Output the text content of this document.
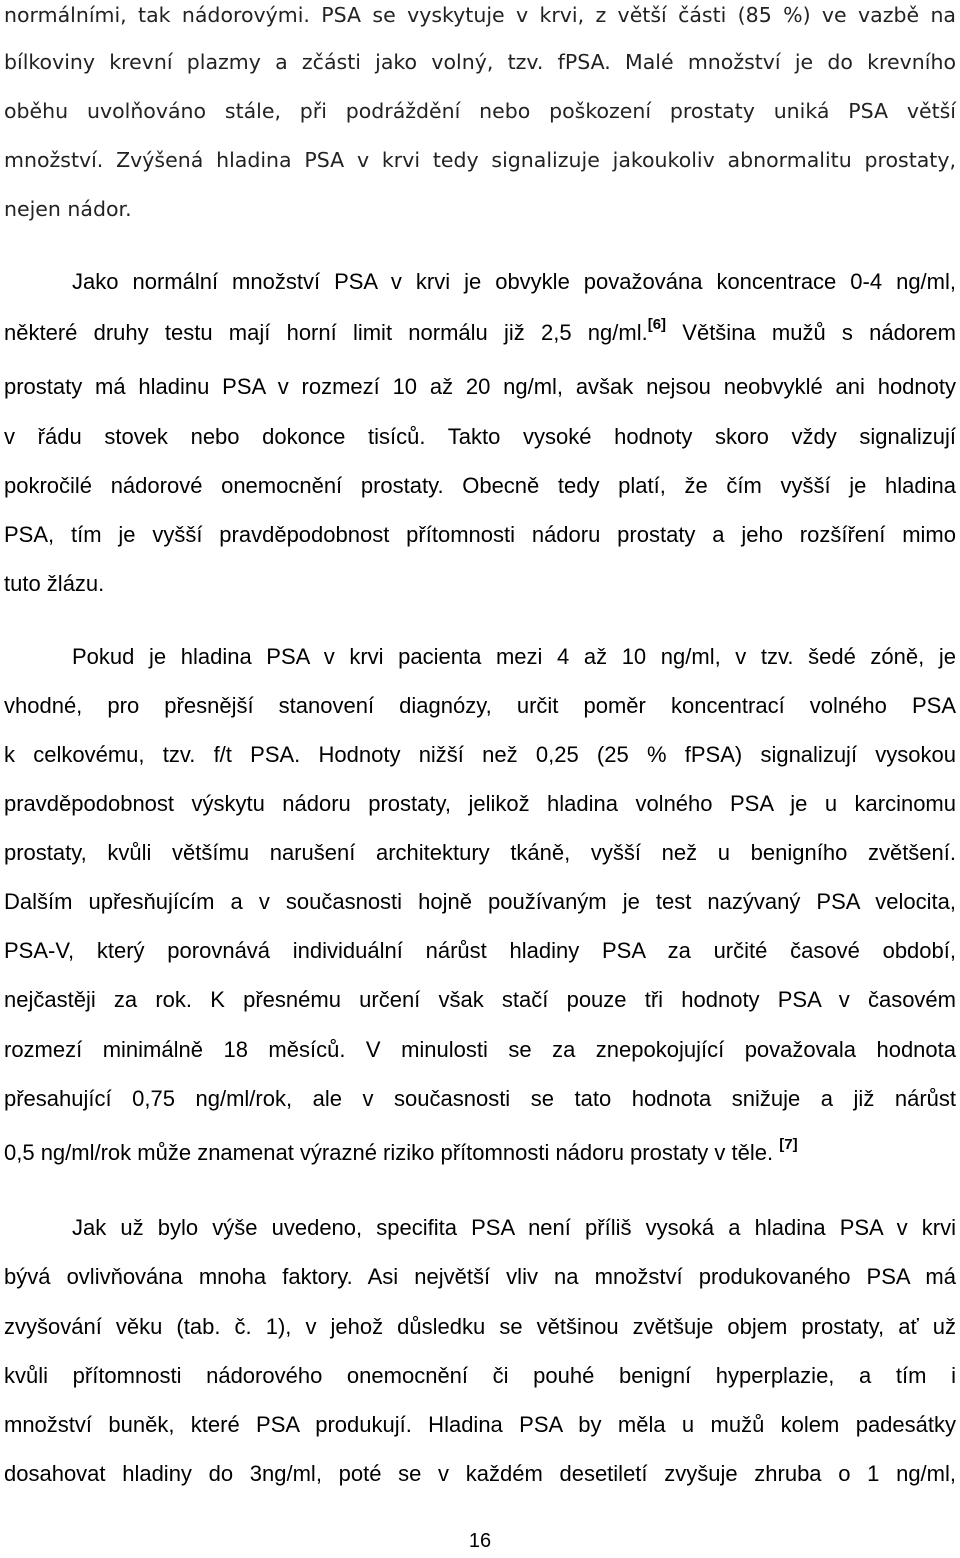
normálními, tak nádorovými. PSA se vyskytuje v krvi, z větší části (85 %) ve vazbě na
bílkoviny krevní plazmy a zčásti jako volný, tzv. fPSA. Malé množství je do krevního
oběhu uvolňováno stále, při podráždění nebo poškození prostaty uniká PSA větší
množství. Zvýšená hladina PSA v krvi tedy signalizuje jakoukoliv abnormalitu prostaty,
nejen nádor.
Jako normální množství PSA v krvi je obvykle považována koncentrace 0-4 ng/ml,
některé druhy testu mají horní limit normálu již 2,5 ng/ml.[6] Většina mužů s nádorem
prostaty má hladinu PSA v rozmezí 10 až 20 ng/ml, avšak nejsou neobvyklé ani hodnoty
v řádu stovek nebo dokonce tisíců. Takto vysoké hodnoty skoro vždy signalizují
pokročilé nádorové onemocnění prostaty. Obecně tedy platí, že čím vyšší je hladina
PSA, tím je vyšší pravděpodobnost přítomnosti nádoru prostaty a jeho rozšíření mimo
tuto žlázu.
Pokud je hladina PSA v krvi pacienta mezi 4 až 10 ng/ml, v tzv. šedé zóně, je
vhodné, pro přesnější stanovení diagnózy, určit poměr koncentrací volného PSA
k celkovému, tzv. f/t PSA. Hodnoty nižší než 0,25 (25 % fPSA) signalizují vysokou
pravděpodobnost výskytu nádoru prostaty, jelikož hladina volného PSA je u karcinomu
prostaty, kvůli většímu narušení architektury tkáně, vyšší než u benigního zvětšení.
Dalším upřesňujícím a v současnosti hojně používaným je test nazývaný PSA velocita,
PSA-V, který porovnává individuální nárůst hladiny PSA za určité časové období,
nejčastěji za rok. K přesnému určení však stačí pouze tři hodnoty PSA v časovém
rozmezí minimálně 18 měsíců. V minulosti se za znepokojující považovala hodnota
přesahující 0,75 ng/ml/rok, ale v současnosti se tato hodnota snižuje a již nárůst
0,5 ng/ml/rok může znamenat výrazné riziko přítomnosti nádoru prostaty v těle. [7]
Jak už bylo výše uvedeno, specifita PSA není příliš vysoká a hladina PSA v krvi
bývá ovlivňována mnoha faktory. Asi největší vliv na množství produkovaného PSA má
zvyšování věku (tab. č. 1), v jehož důsledku se většinou zvětšuje objem prostaty, ať už
kvůli přítomnosti nádorového onemocnění či pouhé benigní hyperplazie, a tím i
množství buněk, které PSA produkují. Hladina PSA by měla u mužů kolem padesátky
dosahovat hladiny do 3ng/ml, poté se v každém desetiletí zvyšuje zhruba o 1 ng/ml,
16
